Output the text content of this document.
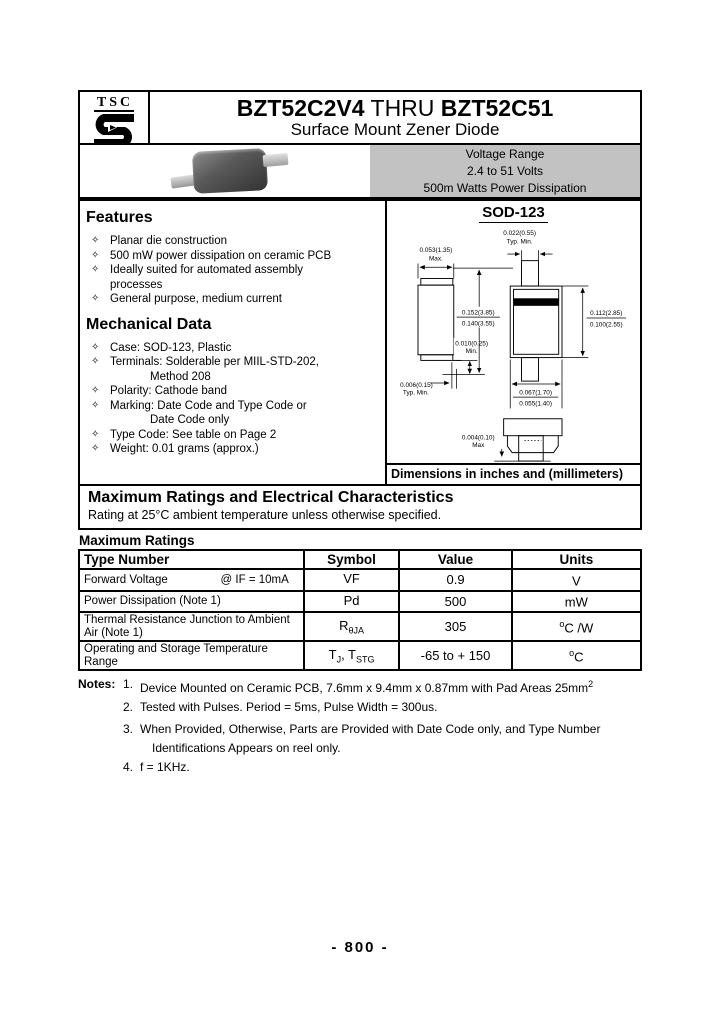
TSC	BZT52C2V4 THRU BZT52C51
Surface Mount Zener Diode
Voltage Range
2.4 to 51 Volts
500m Watts Power Dissipation
Features
✧ Planar die construction
✧ 500 mW power dissipation on ceramic PCB
✧ Ideally suited for automated assembly
processes
✧ General purpose, medium current
Mechanical Data
✧ Case: SOD-123, Plastic
✧ Terminals: Solderable per MIIL-STD-202,
Method 208
✧ Polarity: Cathode band
✧ Marking: Date Code and Type Code or
Date Code only
✧ Type Code: See table on Page 2
✧ Weight: 0.01 grams (approx.)
SOD-123
0.053(1.35)
Max.
0.010(0.25)
Min.
0.006(0.15)
Typ. Min.
0.152(3.85)
0.140(3.55)
0.022(0.55)
Typ. Min.
0.112(2.85)
0.100(2.55)
0.067(1.70)
0.055(1.40)
0.004(0.10)
Max
Dimensions in inches and (millimeters)
Maximum Ratings and Electrical Characteristics
Rating at 25°C ambient temperature unless otherwise specified.
Maximum Ratings
Type Number	Symbol	Value	Units

Forward Voltage @ IF = 10mA	VF	0.9	V
Power Dissipation (Note 1)	Pd	500	mW
Thermal Resistance Junction to Ambient Air (Note 1)	$R_{\theta JA}$	305	$^o$C /W
Operating and Storage Temperature Range	$T_J$, $T_{STG}$	-65 to + 150	$^o$C
Notes: 1. Device Mounted on Ceramic PCB, 7.6mm x 9.4mm x 0.87mm with Pad Areas $25mm^2$
2. Tested with Pulses. Period = 5ms, Pulse Width = 300us.
3. When Provided, Otherwise, Parts are Provided with Date Code only, and Type Number
Identifications Appears on reel only.
4. f = 1KHz.
- 800 -
